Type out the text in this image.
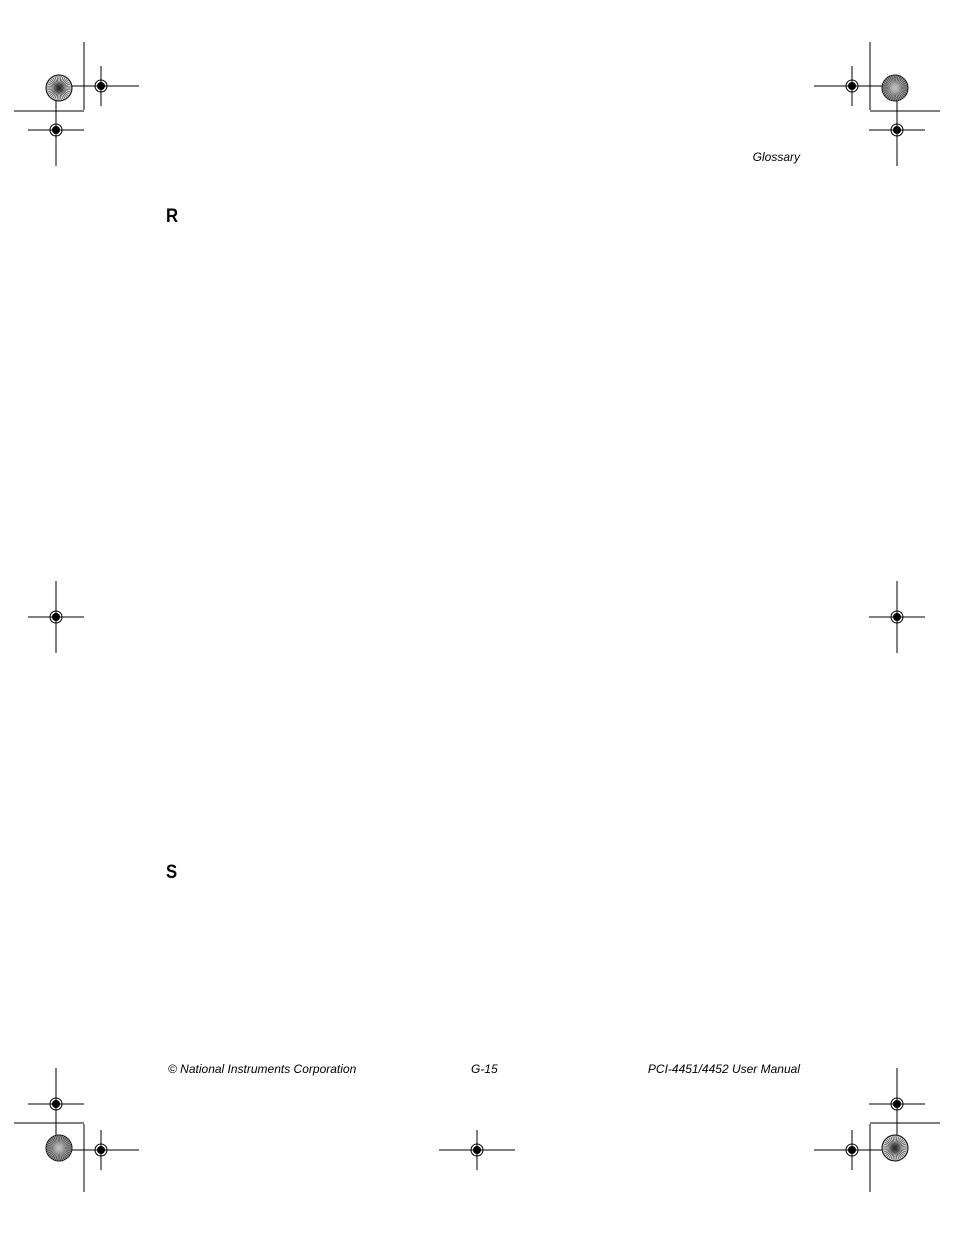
Glossary
R
S
© National Instruments Corporation	G-15	PCI-4451/4452 User Manual
